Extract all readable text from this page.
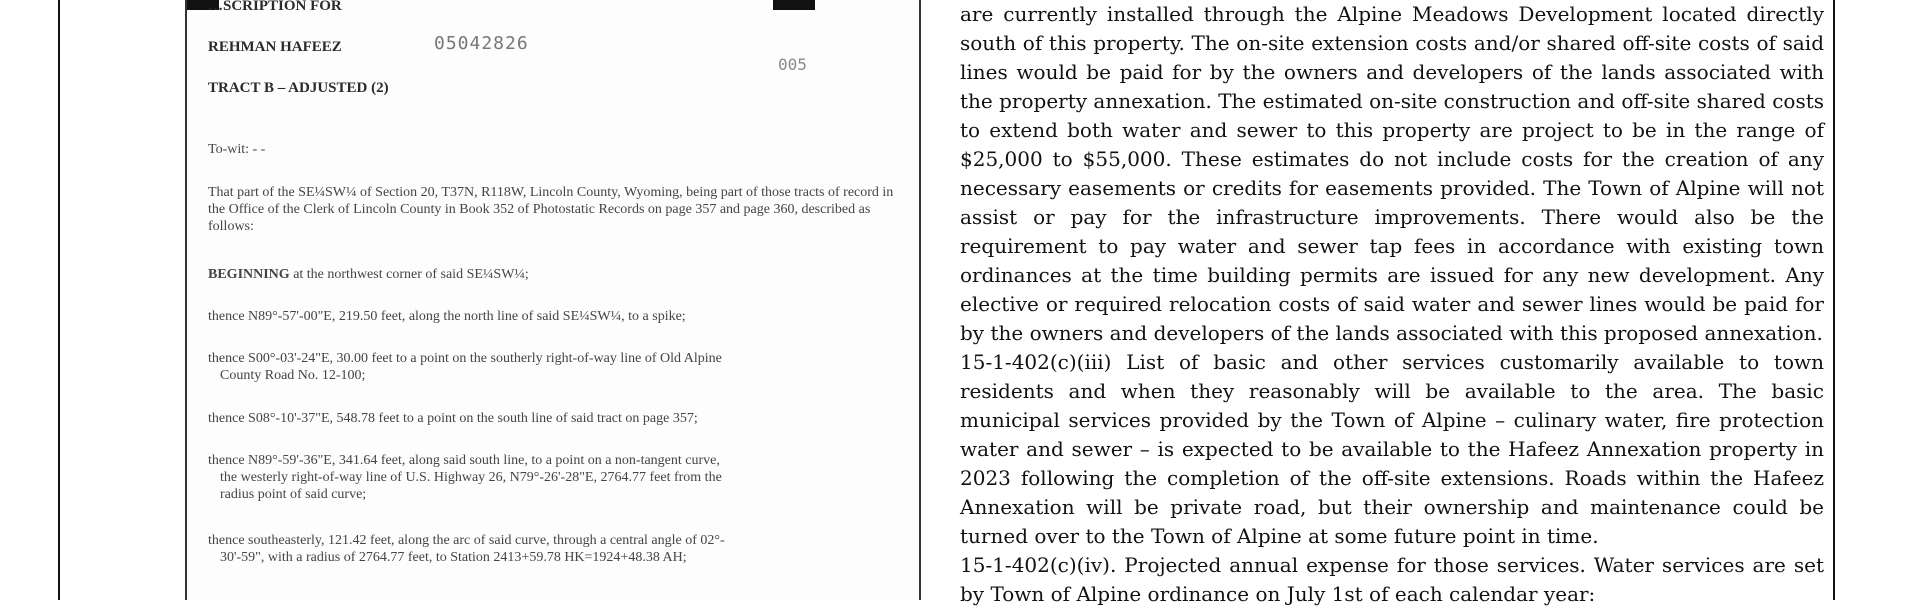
…SCRIPTION FOR
REHMAN HAFEEZ	05042826
005
TRACT B – ADJUSTED (2)
To-wit: - -
That part of the SE¼SW¼ of Section 20, T37N, R118W, Lincoln County, Wyoming, being part of those tracts of record in the Office of the Clerk of Lincoln County in Book 352 of Photostatic Records on page 357 and page 360, described as follows:
BEGINNING at the northwest corner of said SE¼SW¼;
thence N89°-57'-00"E, 219.50 feet, along the north line of said SE¼SW¼, to a spike;
thence S00°-03'-24"E, 30.00 feet to a point on the southerly right-of-way line of Old Alpine
County Road No. 12-100;
thence S08°-10'-37"E, 548.78 feet to a point on the south line of said tract on page 357;
thence N89°-59'-36"E, 341.64 feet, along said south line, to a point on a non-tangent curve,
the westerly right-of-way line of U.S. Highway 26, N79°-26'-28"E, 2764.77 feet from the
radius point of said curve;
thence southeasterly, 121.42 feet, along the arc of said curve, through a central angle of 02°-
30'-59", with a radius of 2764.77 feet, to Station 2413+59.78 HK=1924+48.38 AH;

are currently installed through the Alpine Meadows Development located directly south of this property. The on-site extension costs and/or shared off-site costs of said lines would be paid for by the owners and developers of the lands associated with the property annexation. The estimated on-site construction and off-site shared costs to extend both water and sewer to this property are project to be in the range of $25,000 to $55,000. These estimates do not include costs for the creation of any necessary easements or credits for easements provided. The Town of Alpine will not assist or pay for the infrastructure improvements. There would also be the requirement to pay water and sewer tap fees in accordance with existing town ordinances at the time building permits are issued for any new development. Any elective or required relocation costs of said water and sewer lines would be paid for by the owners and developers of the lands associated with this proposed annexation.

15-1-402(c)(iii) List of basic and other services customarily available to town residents and when they reasonably will be available to the area. The basic municipal services provided by the Town of Alpine – culinary water, fire protection water and sewer – is expected to be available to the Hafeez Annexation property in 2023 following the completion of the off-site extensions. Roads within the Hafeez Annexation will be private road, but their ownership and maintenance could be turned over to the Town of Alpine at some future point in time.

15-1-402(c)(iv). Projected annual expense for those services. Water services are set by Town of Alpine ordinance on July 1st of each calendar year:
